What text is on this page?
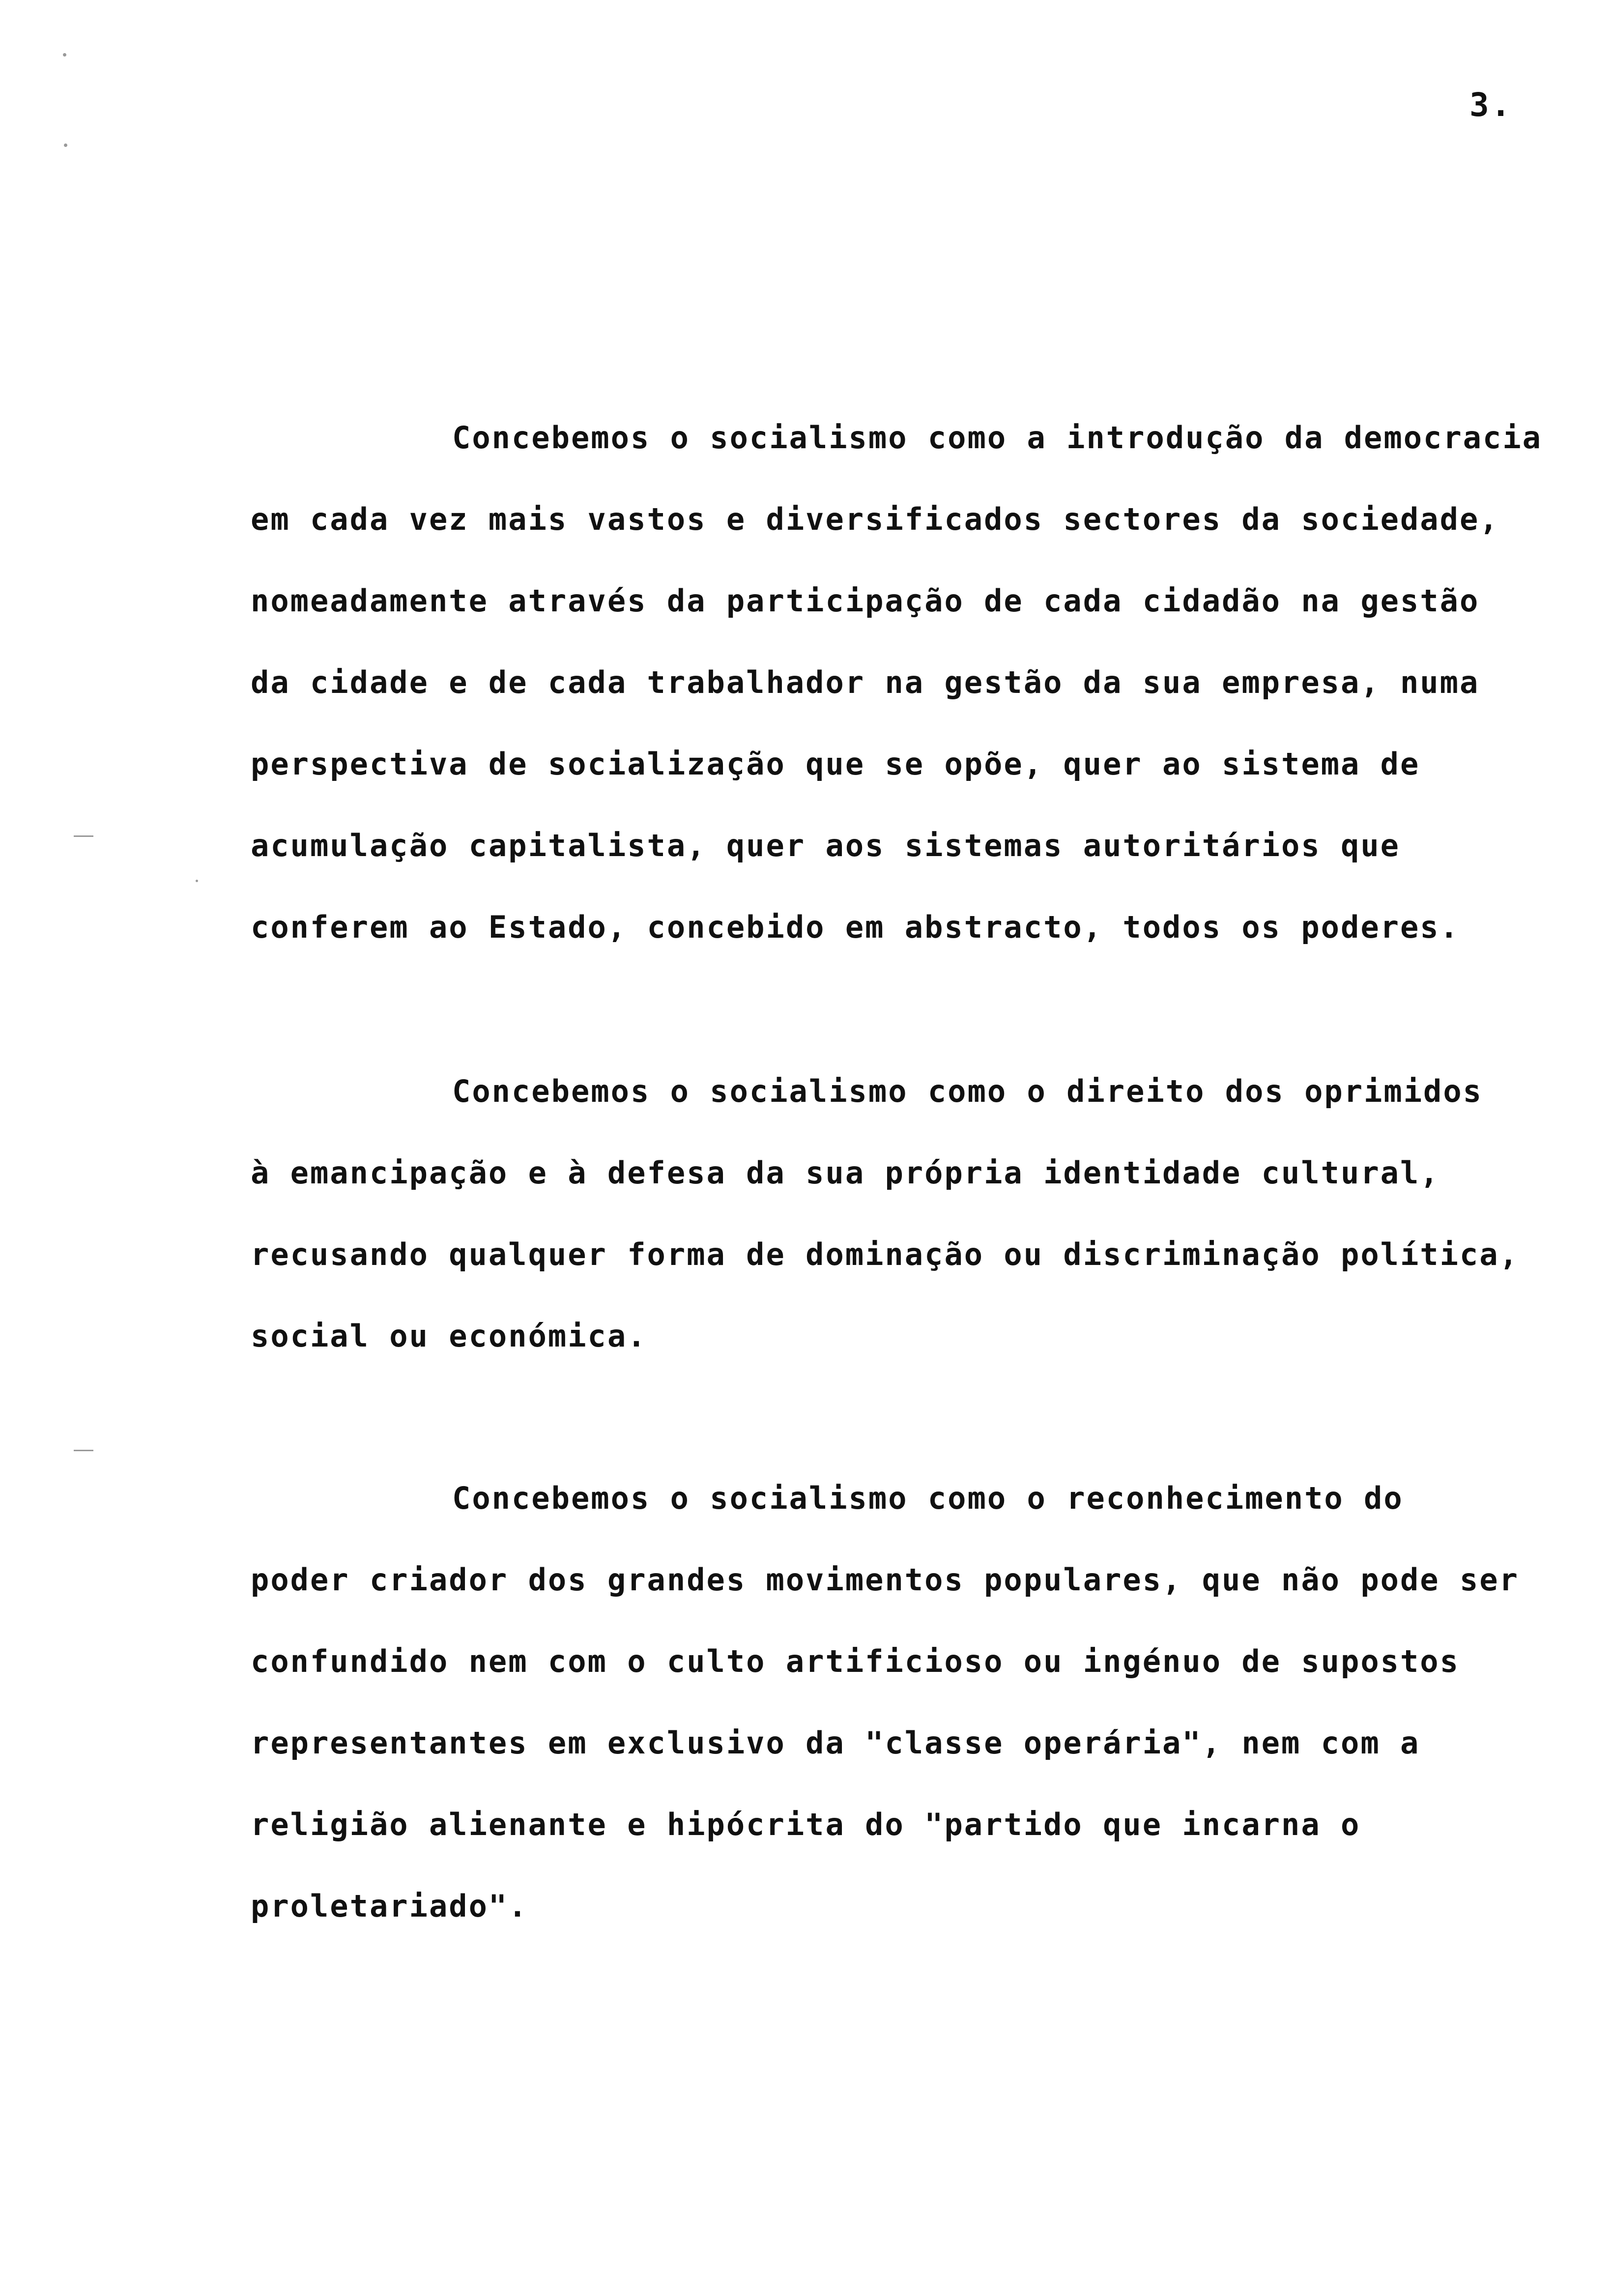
3.
Concebemos o socialismo como a introdução da democracia
em cada vez mais vastos e diversificados sectores da sociedade,
nomeadamente através da participação de cada cidadão na gestão
da cidade e de cada trabalhador na gestão da sua empresa, numa
perspectiva de socialização que se opõe, quer ao sistema de
acumulação capitalista, quer aos sistemas autoritários que
conferem ao Estado, concebido em abstracto, todos os poderes.
Concebemos o socialismo como o direito dos oprimidos
à emancipação e à defesa da sua própria identidade cultural,
recusando qualquer forma de dominação ou discriminação política,
social ou económica.
Concebemos o socialismo como o reconhecimento do
poder criador dos grandes movimentos populares, que não pode ser
confundido nem com o culto artificioso ou ingénuo de supostos
representantes em exclusivo da "classe operária", nem com a
religião alienante e hipócrita do "partido que incarna o
proletariado".
